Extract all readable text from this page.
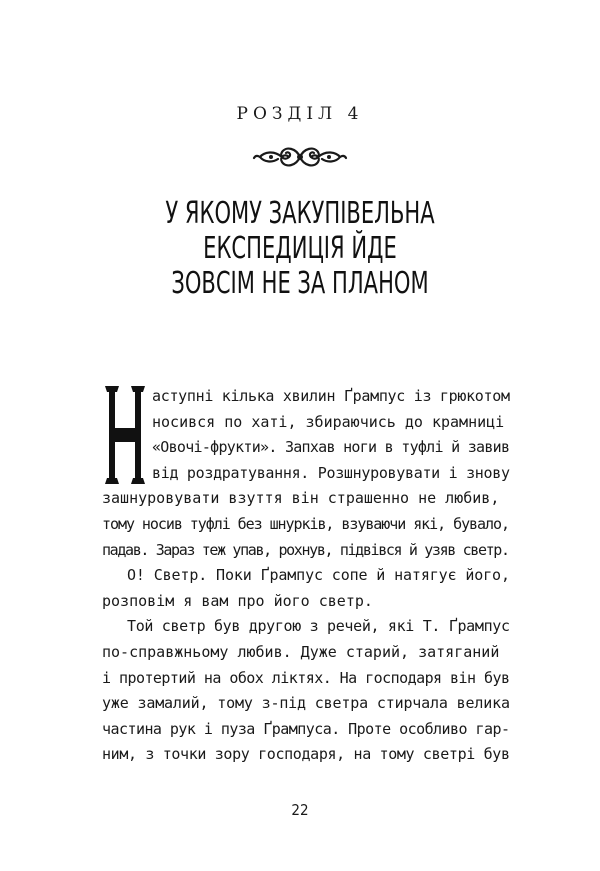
РОЗДІЛ 4
У ЯКОМУ ЗАКУПІВЕЛЬНА
ЕКСПЕДИЦІЯ ЙДЕ
ЗОВСІМ НЕ ЗА ПЛАНОМ
Н
аступні кілька хвилин Ґрампус із грюкотом
носився по хаті, збираючись до крамниці
«Овочі-фрукти». Запхав ноги в туфлі й завив
від роздратування. Розшнуровувати і знову
зашнуровувати взуття він страшенно не любив,
тому носив туфлі без шнурків, взуваючи які, бувало,
падав. Зараз теж упав, рохнув, підвівся й узяв светр.
О! Светр. Поки Ґрампус сопе й натягує його,
розповім я вам про його светр.
Той светр був другою з речей, які Т. Ґрампус
по-справжньому любив. Дуже старий, затяганий
і протертий на обох ліктях. На господаря він був
уже замалий, тому з-під светра стирчала велика
частина рук і пуза Ґрампуса. Проте особливо гар-
ним, з точки зору господаря, на тому светрі був
22
